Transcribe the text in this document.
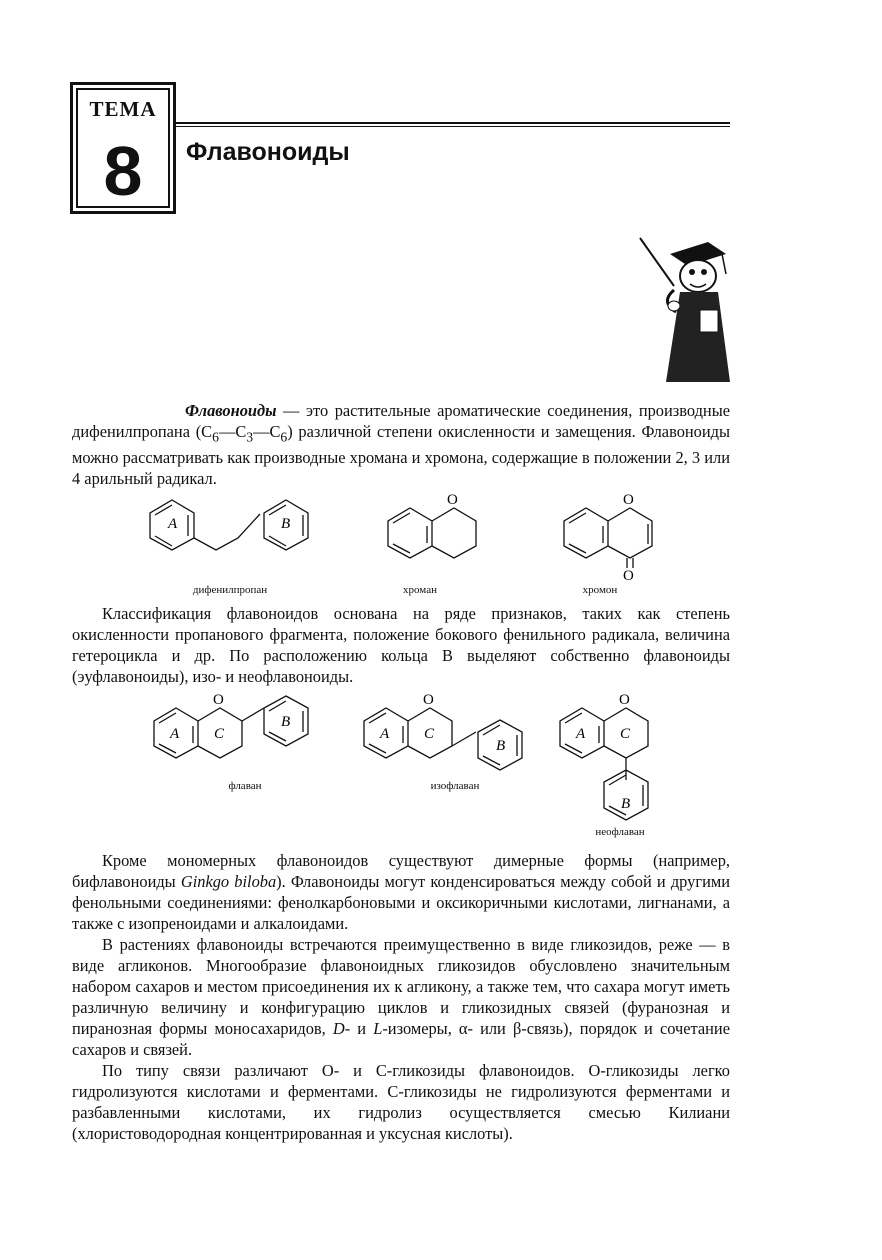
ТЕМА
8	Флавоноиды

Флавоноиды — это растительные ароматические соединения, производные дифенилпропана $(C_6—C_3—C_6)$ различной степени окисленности и замещения. Флавоноиды можно рассматривать как производные хромана и хромона, содержащие в положении 2, 3 или 4 арильный радикал.

A	B
O	O
O
дифенилпропан	хроман	хромон

Классификация флавоноидов основана на ряде признаков, таких как степень окисленности пропанового фрагмента, положение бокового фенильного радикала, величина гетероцикла и др. По расположению кольца В выделяют собственно флавоноиды (эуфлавоноиды), изо- и неофлавоноиды.

A C
B
O
A C
B
O
A C
B
O
флаван	изофлаван
неофлаван

Кроме мономерных флавоноидов существуют димерные формы (например, бифлавоноиды Ginkgo biloba). Флавоноиды могут конденсироваться между собой и другими фенольными соединениями: фенолкарбоновыми и оксикоричными кислотами, лигнанами, а также с изопреноидами и алкалоидами.

В растениях флавоноиды встречаются преимущественно в виде гликозидов, реже — в виде агликонов. Многообразие флавоноидных гликозидов обусловлено значительным набором сахаров и местом присоединения их к агликону, а также тем, что сахара могут иметь различную величину и конфигурацию циклов и гликозидных связей (фуранозная и пиранозная формы моносахаридов, D- и L-изомеры, α- или β-связь), порядок и сочетание сахаров и связей.

По типу связи различают О- и С-гликозиды флавоноидов. О-гликозиды легко гидролизуются кислотами и ферментами. С-гликозиды не гидролизуются ферментами и разбавленными кислотами, их гидролиз осуществляется смесью Килиани (хлористоводородная концентрированная и уксусная кислоты).
